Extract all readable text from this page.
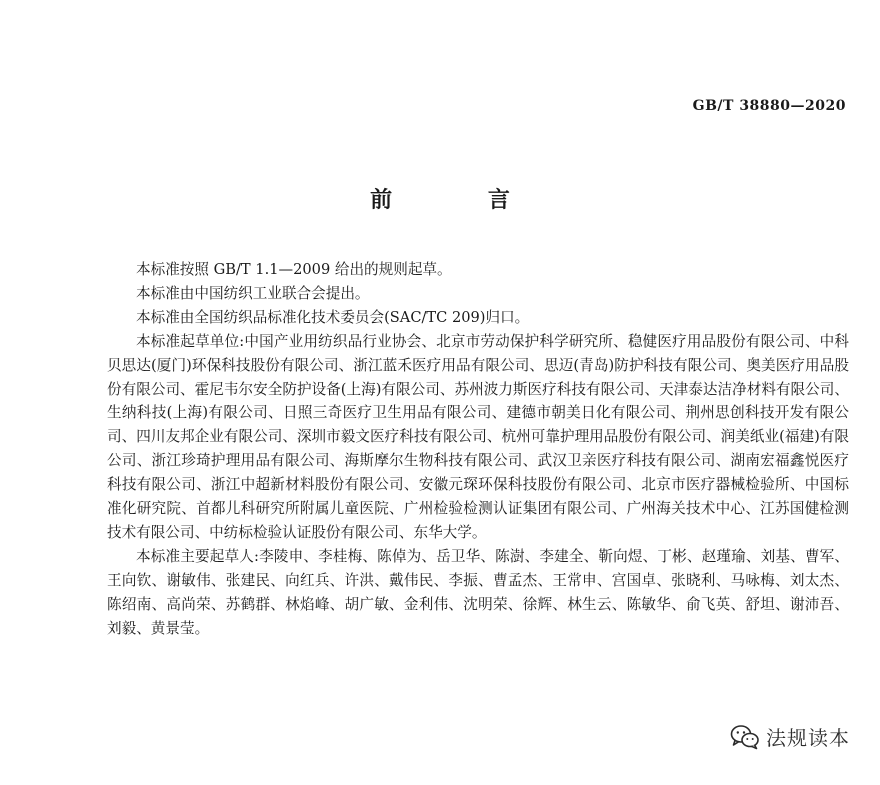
GB/T 38880—2020
前 言

本标准按照 GB/T 1.1—2009 给出的规则起草。

本标准由中国纺织工业联合会提出。

本标准由全国纺织品标准化技术委员会(SAC/TC 209)归口。

本标准起草单位:中国产业用纺织品行业协会、北京市劳动保护科学研究所、稳健医疗用品股份有限公司、中科贝思达(厦门)环保科技股份有限公司、浙江蓝禾医疗用品有限公司、思迈(青岛)防护科技有限公司、奥美医疗用品股份有限公司、霍尼韦尔安全防护设备(上海)有限公司、苏州波力斯医疗科技有限公司、天津泰达洁净材料有限公司、生纳科技(上海)有限公司、日照三奇医疗卫生用品有限公司、建德市朝美日化有限公司、荆州思创科技开发有限公司、四川友邦企业有限公司、深圳市毅文医疗科技有限公司、杭州可靠护理用品股份有限公司、润美纸业(福建)有限公司、浙江珍琦护理用品有限公司、海斯摩尔生物科技有限公司、武汉卫亲医疗科技有限公司、湖南宏福鑫悦医疗科技有限公司、浙江中超新材料股份有限公司、安徽元琛环保科技股份有限公司、北京市医疗器械检验所、中国标准化研究院、首都儿科研究所附属儿童医院、广州检验检测认证集团有限公司、广州海关技术中心、江苏国健检测技术有限公司、中纺标检验认证股份有限公司、东华大学。

本标准主要起草人:李陵申、李桂梅、陈倬为、岳卫华、陈澍、李建全、靳向煜、丁彬、赵瑾瑜、刘基、曹军、王向钦、谢敏伟、张建民、向红兵、许洪、戴伟民、李振、曹孟杰、王常申、宫国卓、张晓利、马咏梅、刘太杰、陈绍南、高尚荣、苏鹤群、林焰峰、胡广敏、金利伟、沈明荣、徐辉、林生云、陈敏华、俞飞英、舒坦、谢沛吾、刘毅、黄景莹。

法规读本
